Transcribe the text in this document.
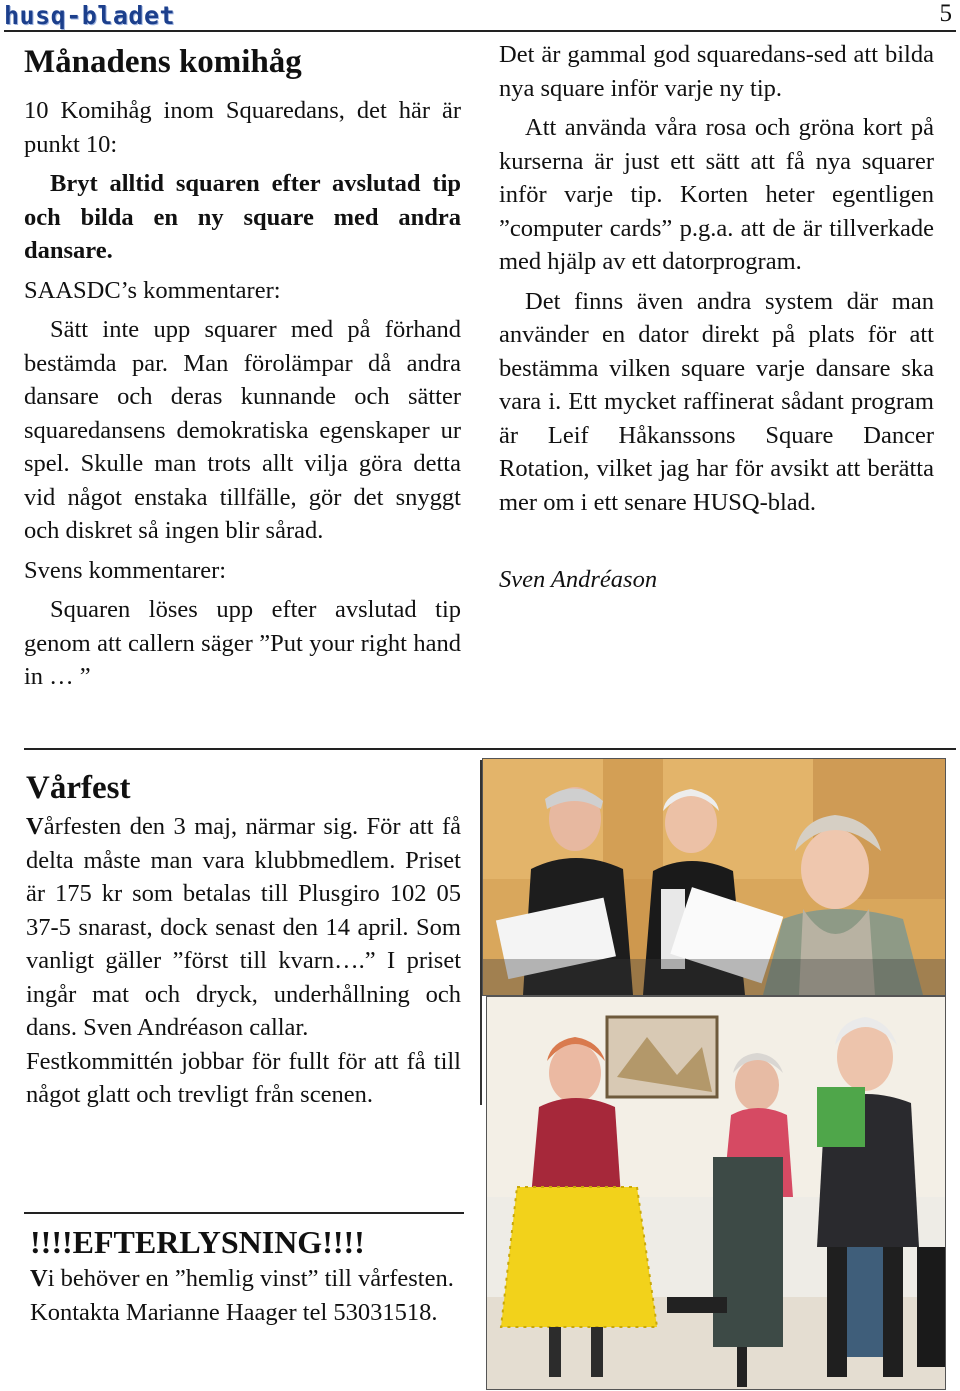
husq-bladet	5
Månadens komihåg

10 Komihåg inom Squaredans, det här är punkt 10:

Bryt alltid squaren efter avslutad tip och bilda en ny square med andra dansare.

SAASDC’s kommentarer:

Sätt inte upp squarer med på förhand bestämda par. Man förolämpar då andra dansare och deras kunnande och sätter squaredansens demokratiska egenskaper ur spel. Skulle man trots allt vilja göra detta vid något enstaka tillfälle, gör det snyggt och diskret så ingen blir sårad.

Svens kommentarer:

Squaren löses upp efter avslutad tip genom att callern säger ”Put your right hand in … ”

Det är gammal god squaredans-sed att bilda nya square inför varje ny tip.

Att använda våra rosa och gröna kort på kurserna är just ett sätt att få nya squarer inför varje tip. Korten heter egentligen ”computer cards” p.g.a. att de är tillverkade med hjälp av ett datorprogram.

Det finns även andra system där man använder en dator direkt på plats för att bestämma vilken square varje dansare ska vara i. Ett mycket raffinerat sådant program är Leif Håkanssons Square Dancer Rotation, vilket jag har för avsikt att berätta mer om i ett senare HUSQ-blad.

Sven Andréason

Vårfest

Vårfesten den 3 maj, närmar sig. För att få delta måste man vara klubbmedlem. Priset är 175 kr som betalas till Plusgiro 102 05 37-5 snarast, dock senast den 14 april. Som vanligt gäller ”först till kvarn….” I priset ingår mat och dryck, underhållning och dans. Sven Andréason callar.

Festkommittén jobbar för fullt för att få till något glatt och trevligt från scenen.

!!!!EFTERLYSNING!!!!

Vi behöver en ”hemlig vinst” till vårfesten. Kontakta Marianne Haager tel 53031518.
